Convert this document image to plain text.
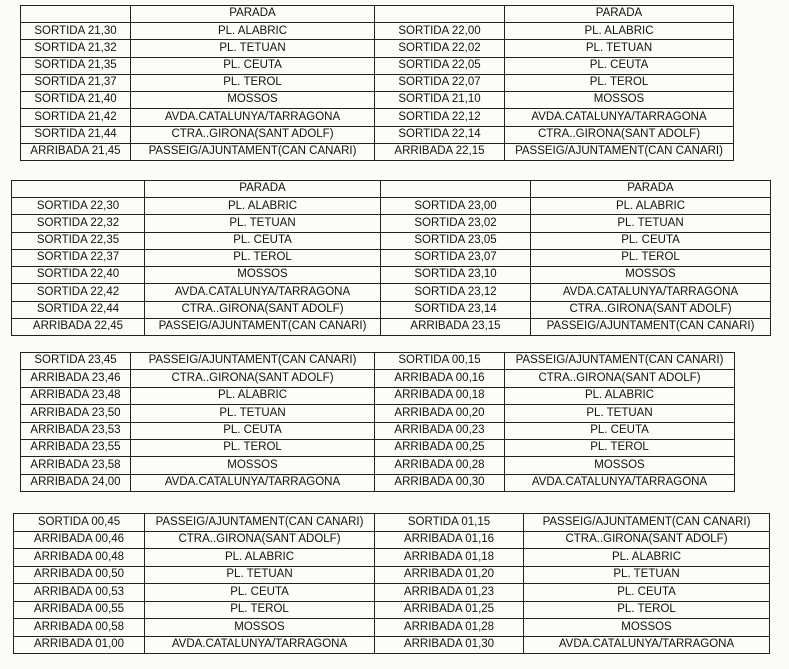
	PARADA		PARADA
SORTIDA 21,30	PL. ALABRIC	SORTIDA 22,00	PL. ALABRIC
SORTIDA 21,32	PL. TETUAN	SORTIDA 22,02	PL. TETUAN
SORTIDA 21,35	PL. CEUTA	SORTIDA 22,05	PL. CEUTA
SORTIDA 21,37	PL. TEROL	SORTIDA 22,07	PL. TEROL
SORTIDA 21,40	MOSSOS	SORTIDA 21,10	MOSSOS
SORTIDA 21,42	AVDA.CATALUNYA/TARRAGONA	SORTIDA 22,12	AVDA.CATALUNYA/TARRAGONA
SORTIDA 21,44	CTRA..GIRONA(SANT ADOLF)	SORTIDA 22,14	CTRA..GIRONA(SANT ADOLF)
ARRIBADA 21,45	PASSEIG/AJUNTAMENT(CAN CANARI)	ARRIBADA 22,15	PASSEIG/AJUNTAMENT(CAN CANARI)
	PARADA		PARADA
SORTIDA 22,30	PL. ALABRIC	SORTIDA 23,00	PL. ALABRIC
SORTIDA 22,32	PL. TETUAN	SORTIDA 23,02	PL. TETUAN
SORTIDA 22,35	PL. CEUTA	SORTIDA 23,05	PL. CEUTA
SORTIDA 22,37	PL. TEROL	SORTIDA 23,07	PL. TEROL
SORTIDA 22,40	MOSSOS	SORTIDA 23,10	MOSSOS
SORTIDA 22,42	AVDA.CATALUNYA/TARRAGONA	SORTIDA 23,12	AVDA.CATALUNYA/TARRAGONA
SORTIDA 22,44	CTRA..GIRONA(SANT ADOLF)	SORTIDA 23,14	CTRA..GIRONA(SANT ADOLF)
ARRIBADA 22,45	PASSEIG/AJUNTAMENT(CAN CANARI)	ARRIBADA 23,15	PASSEIG/AJUNTAMENT(CAN CANARI)
SORTIDA 23,45	PASSEIG/AJUNTAMENT(CAN CANARI)	SORTIDA 00,15	PASSEIG/AJUNTAMENT(CAN CANARI)
ARRIBADA 23,46	CTRA..GIRONA(SANT ADOLF)	ARRIBADA 00,16	CTRA..GIRONA(SANT ADOLF)
ARRIBADA 23,48	PL. ALABRIC	ARRIBADA 00,18	PL. ALABRIC
ARRIBADA 23,50	PL. TETUAN	ARRIBADA 00,20	PL. TETUAN
ARRIBADA 23,53	PL. CEUTA	ARRIBADA 00,23	PL. CEUTA
ARRIBADA 23,55	PL. TEROL	ARRIBADA 00,25	PL. TEROL
ARRIBADA 23,58	MOSSOS	ARRIBADA 00,28	MOSSOS
ARRIBADA 24,00	AVDA.CATALUNYA/TARRAGONA	ARRIBADA 00,30	AVDA.CATALUNYA/TARRAGONA
SORTIDA 00,45	PASSEIG/AJUNTAMENT(CAN CANARI)	SORTIDA 01,15	PASSEIG/AJUNTAMENT(CAN CANARI)
ARRIBADA 00,46	CTRA..GIRONA(SANT ADOLF)	ARRIBADA 01,16	CTRA..GIRONA(SANT ADOLF)
ARRIBADA 00,48	PL. ALABRIC	ARRIBADA 01,18	PL. ALABRIC
ARRIBADA 00,50	PL. TETUAN	ARRIBADA 01,20	PL. TETUAN
ARRIBADA 00,53	PL. CEUTA	ARRIBADA 01,23	PL. CEUTA
ARRIBADA 00,55	PL. TEROL	ARRIBADA 01,25	PL. TEROL
ARRIBADA 00,58	MOSSOS	ARRIBADA 01,28	MOSSOS
ARRIBADA 01,00	AVDA.CATALUNYA/TARRAGONA	ARRIBADA 01,30	AVDA.CATALUNYA/TARRAGONA
